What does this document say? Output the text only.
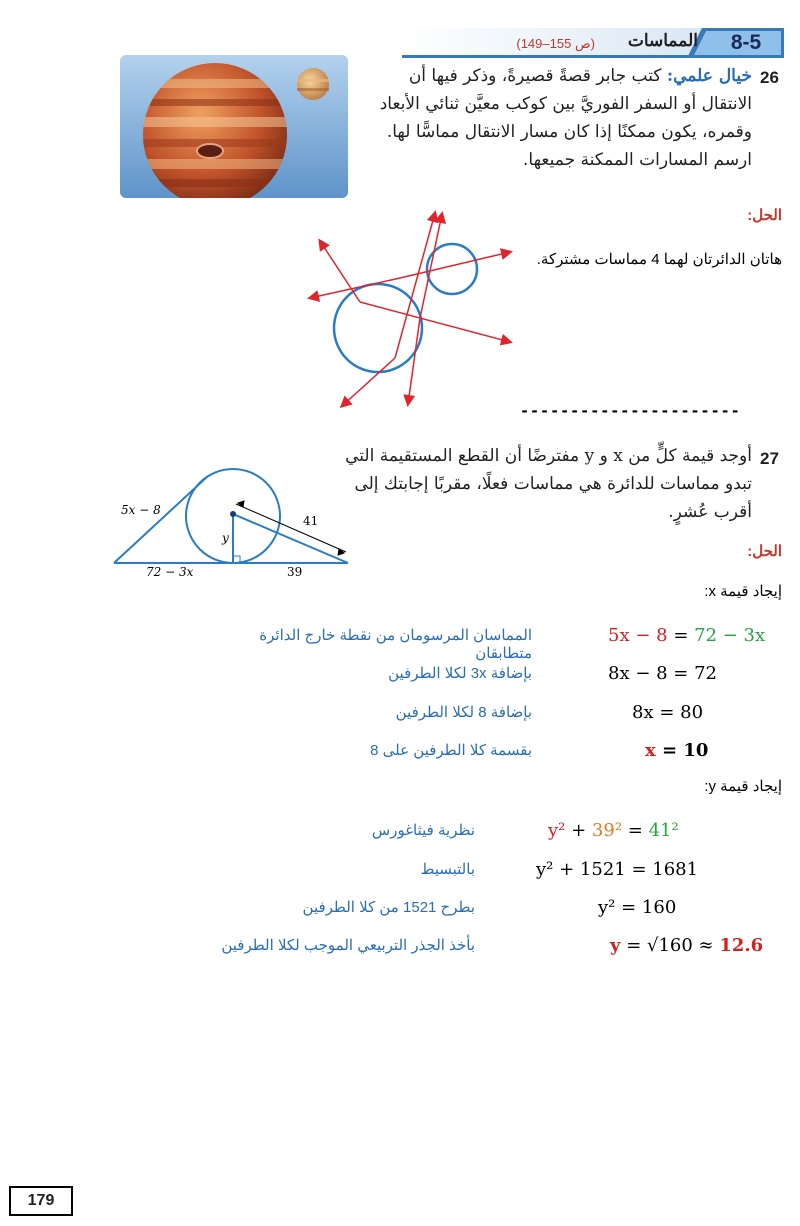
8-5
المماسات
(ص 155–149)
26
خيال علمي: كتب جابر قصةً قصيرةً، وذكر فيها أن
الانتقال أو السفر الفوريَّ بين كوكب معيَّن ثنائي الأبعاد
وقمره، يكون ممكنًا إذا كان مسار الانتقال مماسًّا لها.
ارسم المسارات الممكنة جميعها.
الحل:
هاتان الدائرتان لهما 4 مماسات مشتركة.
----------------------
27
أوجد قيمة كلٍّ من x و y مفترضًا أن القطع المستقيمة التي
تبدو مماسات للدائرة هي مماسات فعلًا، مقربًا إجابتك إلى
أقرب عُشرٍ.
5x − 8
72 − 3x	39
41
y
الحل:
إيجاد قيمة x:
5x − 8 = 72 − 3x
المماسان المرسومان من نقطة خارج الدائرة متطابقان
8x − 8 = 72
بإضافة 3x لكلا الطرفين
8x = 80
بإضافة 8 لكلا الطرفين
x = 10
بقسمة كلا الطرفين على 8
إيجاد قيمة y:
y² + 39² = 41²
نظرية فيثاغورس
y² + 1521 = 1681
بالتبسيط
y² = 160
بطرح 1521 من كلا الطرفين
y = √160 ≈ 12.6
بأخذ الجذر التربيعي الموجب لكلا الطرفين
179
